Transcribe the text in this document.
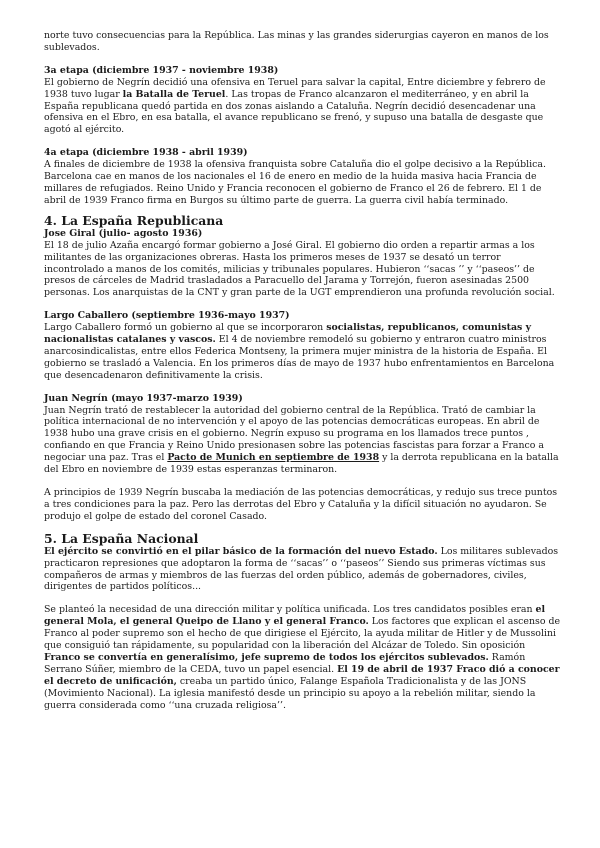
norte tuvo consecuencias para la República. Las minas y las grandes siderurgias cayeron en manos de los sublevados.

3a etapa (diciembre 1937 - noviembre 1938)

El gobierno de Negrín decidió una ofensiva en Teruel para salvar la capital, Entre diciembre y febrero de 1938 tuvo lugar la Batalla de Teruel. Las tropas de Franco alcanzaron el mediterráneo, y en abril la España republicana quedó partida en dos zonas aislando a Cataluña. Negrín decidió desencadenar una ofensiva en el Ebro, en esa batalla, el avance republicano se frenó, y supuso una batalla de desgaste que agotó al ejército.

4a etapa (diciembre 1938 - abril 1939)

A finales de diciembre de 1938 la ofensiva franquista sobre Cataluña dio el golpe decisivo a la República. Barcelona cae en manos de los nacionales el 16 de enero en medio de la huida masiva hacia Francia de millares de refugiados. Reino Unido y Francia reconocen el gobierno de Franco el 26 de febrero. El 1 de abril de 1939 Franco firma en Burgos su último parte de guerra. La guerra civil había terminado.

4. La España Republicana

Jose Giral (julio- agosto 1936)

El 18 de julio Azaña encargó formar gobierno a José Giral. El gobierno dio orden a repartir armas a los militantes de las organizaciones obreras. Hasta los primeros meses de 1937 se desató un terror incontrolado a manos de los comités, milicias y tribunales populares. Hubieron ‘‘sacas ’’ y ‘‘paseos’’ de presos de cárceles de Madrid trasladados a Paracuello del Jarama y Torrejón, fueron asesinadas 2500 personas. Los anarquistas de la CNT y gran parte de la UGT emprendieron una profunda revolución social.

Largo Caballero (septiembre 1936-mayo 1937)

Largo Caballero formó un gobierno al que se incorporaron socialistas, republicanos, comunistas y nacionalistas catalanes y vascos. El 4 de noviembre remodeló su gobierno y entraron cuatro ministros anarcosindicalistas, entre ellos Federica Montseny, la primera mujer ministra de la historia de España. El gobierno se trasladó a Valencia. En los primeros días de mayo de 1937 hubo enfrentamientos en Barcelona que desencadenaron definitivamente la crisis.

Juan Negrín (mayo 1937-marzo 1939)

Juan Negrín trató de restablecer la autoridad del gobierno central de la República. Trató de cambiar la política internacional de no intervención y el apoyo de las potencias democráticas europeas. En abril de 1938 hubo una grave crisis en el gobierno. Negrín expuso su programa en los llamados trece puntos , confiando en que Francia y Reino Unido presionasen sobre las potencias fascistas para forzar a Franco a negociar una paz. Tras el Pacto de Munich en septiembre de 1938 y la derrota republicana en la batalla del Ebro en noviembre de 1939 estas esperanzas terminaron.

A principios de 1939 Negrín buscaba la mediación de las potencias democráticas, y redujo sus trece puntos a tres condiciones para la paz. Pero las derrotas del Ebro y Cataluña y la difícil situación no ayudaron. Se produjo el golpe de estado del coronel Casado.

5. La España Nacional

El ejército se convirtió en el pilar básico de la formación del nuevo Estado. Los militares sublevados practicaron represiones que adoptaron la forma de ‘‘sacas’’ o ‘‘paseos’’ Siendo sus primeras víctimas sus compañeros de armas y miembros de las fuerzas del orden público, además de gobernadores, civiles, dirigentes de partidos políticos...

Se planteó la necesidad de una dirección militar y política unificada. Los tres candidatos posibles eran el general Mola, el general Queipo de Llano y el general Franco. Los factores que explican el ascenso de Franco al poder supremo son el hecho de que dirigiese el Ejército, la ayuda militar de Hitler y de Mussolini que consiguió tan rápidamente, su popularidad con la liberación del Alcázar de Toledo. Sin oposición Franco se convertía en generalísimo, jefe supremo de todos los ejércitos sublevados. Ramón Serrano Súñer, miembro de la CEDA, tuvo un papel esencial. El 19 de abril de 1937 Fraco dió a conocer el decreto de unificación, creaba un partido único, Falange Española Tradicionalista y de las JONS (Movimiento Nacional). La iglesia manifestó desde un principio su apoyo a la rebelión militar, siendo la guerra considerada como ‘‘una cruzada religiosa’’.
